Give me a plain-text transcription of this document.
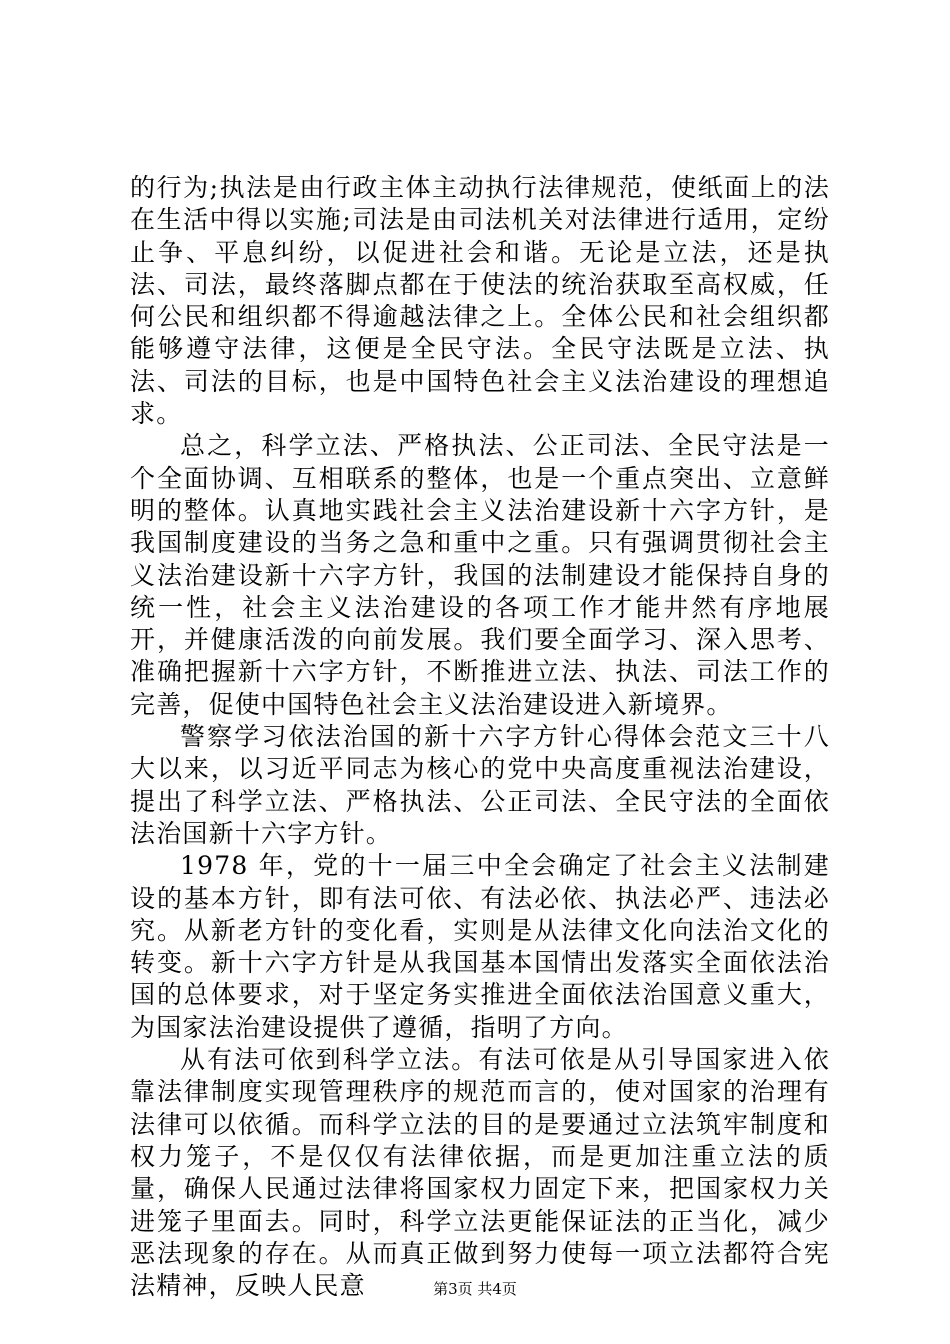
的行为;执法是由行政主体主动执行法律规范，使纸面上的法在生活中得以实施;司法是由司法机关对法律进行适用，定纷止争、平息纠纷，以促进社会和谐。无论是立法，还是执法、司法，最终落脚点都在于使法的统治获取至高权威，任何公民和组织都不得逾越法律之上。全体公民和社会组织都能够遵守法律，这便是全民守法。全民守法既是立法、执法、司法的目标，也是中国特色社会主义法治建设的理想追求。

总之，科学立法、严格执法、公正司法、全民守法是一个全面协调、互相联系的整体，也是一个重点突出、立意鲜明的整体。认真地实践社会主义法治建设新十六字方针，是我国制度建设的当务之急和重中之重。只有强调贯彻社会主义法治建设新十六字方针，我国的法制建设才能保持自身的统一性，社会主义法治建设的各项工作才能井然有序地展开，并健康活泼的向前发展。我们要全面学习、深入思考、准确把握新十六字方针，不断推进立法、执法、司法工作的完善，促使中国特色社会主义法治建设进入新境界。

警察学习依法治国的新十六字方针心得体会范文三十八大以来，以习近平同志为核心的党中央高度重视法治建设，提出了科学立法、严格执法、公正司法、全民守法的全面依法治国新十六字方针。

1978 年，党的十一届三中全会确定了社会主义法制建设的基本方针，即有法可依、有法必依、执法必严、违法必究。从新老方针的变化看，实则是从法律文化向法治文化的转变。新十六字方针是从我国基本国情出发落实全面依法治国的总体要求，对于坚定务实推进全面依法治国意义重大，为国家法治建设提供了遵循，指明了方向。

从有法可依到科学立法。有法可依是从引导国家进入依靠法律制度实现管理秩序的规范而言的，使对国家的治理有法律可以依循。而科学立法的目的是要通过立法筑牢制度和权力笼子，不是仅仅有法律依据，而是更加注重立法的质量，确保人民通过法律将国家权力固定下来，把国家权力关进笼子里面去。同时，科学立法更能保证法的正当化，减少恶法现象的存在。从而真正做到努力使每一项立法都符合宪法精神，反映人民意	第3页 共4页
